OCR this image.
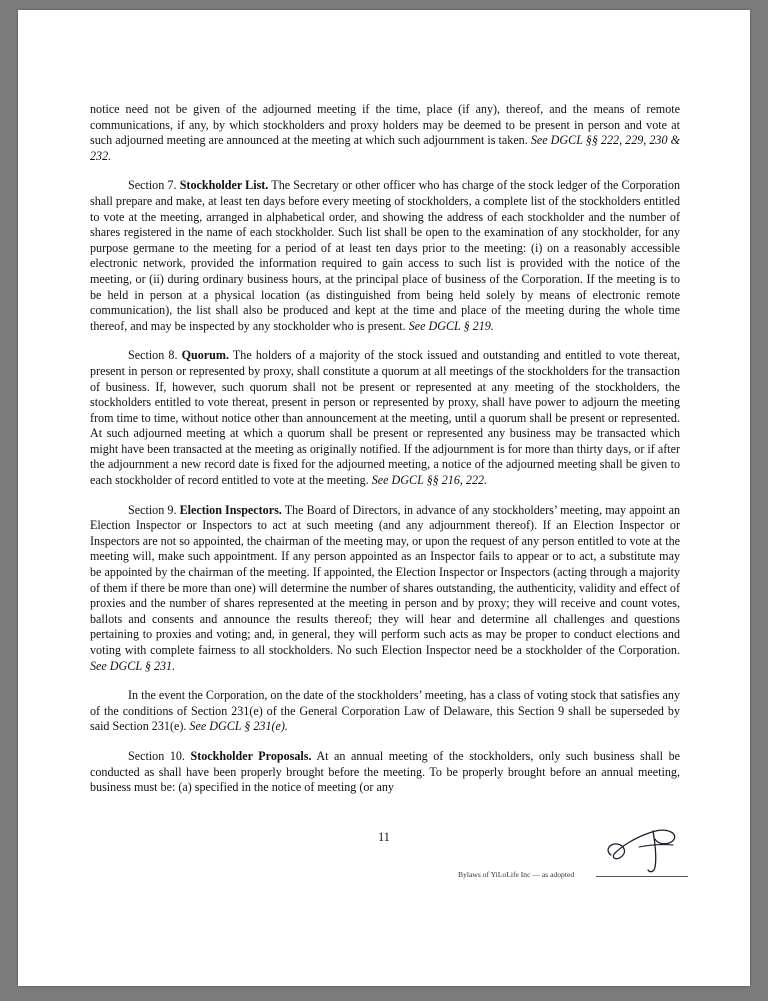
notice need not be given of the adjourned meeting if the time, place (if any), thereof, and the means of remote communications, if any, by which stockholders and proxy holders may be deemed to be present in person and vote at such adjourned meeting are announced at the meeting at which such adjournment is taken. See DGCL §§ 222, 229, 230 & 232.

Section 7. Stockholder List. The Secretary or other officer who has charge of the stock ledger of the Corporation shall prepare and make, at least ten days before every meeting of stockholders, a complete list of the stockholders entitled to vote at the meeting, arranged in alphabetical order, and showing the address of each stockholder and the number of shares registered in the name of each stockholder. Such list shall be open to the examination of any stockholder, for any purpose germane to the meeting for a period of at least ten days prior to the meeting: (i) on a reasonably accessible electronic network, provided the information required to gain access to such list is provided with the notice of the meeting, or (ii) during ordinary business hours, at the principal place of business of the Corporation. If the meeting is to be held in person at a physical location (as distinguished from being held solely by means of electronic remote communication), the list shall also be produced and kept at the time and place of the meeting during the whole time thereof, and may be inspected by any stockholder who is present. See DGCL § 219.

Section 8. Quorum. The holders of a majority of the stock issued and outstanding and entitled to vote thereat, present in person or represented by proxy, shall constitute a quorum at all meetings of the stockholders for the transaction of business. If, however, such quorum shall not be present or represented at any meeting of the stockholders, the stockholders entitled to vote thereat, present in person or represented by proxy, shall have power to adjourn the meeting from time to time, without notice other than announcement at the meeting, until a quorum shall be present or represented. At such adjourned meeting at which a quorum shall be present or represented any business may be transacted which might have been transacted at the meeting as originally notified. If the adjournment is for more than thirty days, or if after the adjournment a new record date is fixed for the adjourned meeting, a notice of the adjourned meeting shall be given to each stockholder of record entitled to vote at the meeting. See DGCL §§ 216, 222.

Section 9. Election Inspectors. The Board of Directors, in advance of any stockholders’ meeting, may appoint an Election Inspector or Inspectors to act at such meeting (and any adjournment thereof). If an Election Inspector or Inspectors are not so appointed, the chairman of the meeting may, or upon the request of any person entitled to vote at the meeting will, make such appointment. If any person appointed as an Inspector fails to appear or to act, a substitute may be appointed by the chairman of the meeting. If appointed, the Election Inspector or Inspectors (acting through a majority of them if there be more than one) will determine the number of shares outstanding, the authenticity, validity and effect of proxies and the number of shares represented at the meeting in person and by proxy; they will receive and count votes, ballots and consents and announce the results thereof; they will hear and determine all challenges and questions pertaining to proxies and voting; and, in general, they will perform such acts as may be proper to conduct elections and voting with complete fairness to all stockholders. No such Election Inspector need be a stockholder of the Corporation. See DGCL § 231.

In the event the Corporation, on the date of the stockholders’ meeting, has a class of voting stock that satisfies any of the conditions of Section 231(e) of the General Corporation Law of Delaware, this Section 9 shall be superseded by said Section 231(e). See DGCL § 231(e).

Section 10. Stockholder Proposals. At an annual meeting of the stockholders, only such business shall be conducted as shall have been properly brought before the meeting. To be properly brought before an annual meeting, business must be: (a) specified in the notice of meeting (or any

11
Bylaws of YiLoLife Inc — as adopted
